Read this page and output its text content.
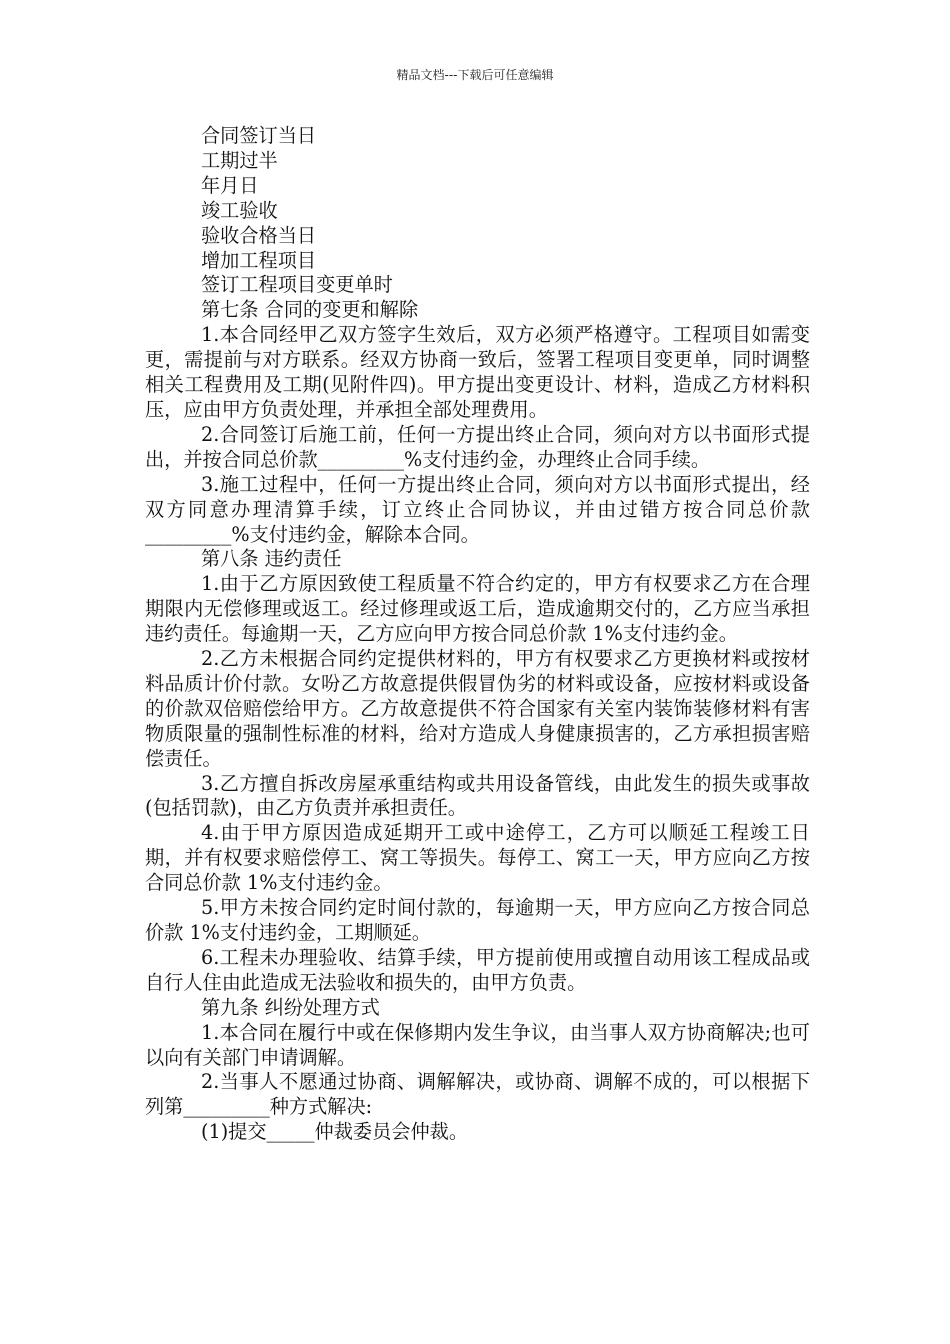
精品文档---下载后可任意编辑
合同签订当日
工期过半
年月日
竣工验收
验收合格当日
增加工程项目
签订工程项目变更单时
第七条 合同的变更和解除

1.本合同经甲乙双方签字生效后，双方必须严格遵守。工程项目如需变更，需提前与对方联系。经双方协商一致后，签署工程项目变更单，同时调整相关工程费用及工期(见附件四)。甲方提出变更设计、材料，造成乙方材料积压，应由甲方负责处理，并承担全部处理费用。

2.合同签订后施工前，任何一方提出终止合同，须向对方以书面形式提出，并按合同总价款_________%支付违约金，办理终止合同手续。

3.施工过程中，任何一方提出终止合同，须向对方以书面形式提出，经双方同意办理清算手续，订立终止合同协议，并由过错方按合同总价款_________%支付违约金，解除本合同。

第八条 违约责任

1.由于乙方原因致使工程质量不符合约定的，甲方有权要求乙方在合理期限内无偿修理或返工。经过修理或返工后，造成逾期交付的，乙方应当承担违约责任。每逾期一天，乙方应向甲方按合同总价款 1%支付违约金。

2.乙方未根据合同约定提供材料的，甲方有权要求乙方更换材料或按材料品质计价付款。女吩乙方故意提供假冒伪劣的材料或设备，应按材料或设备的价款双倍赔偿给甲方。乙方故意提供不符合国家有关室内装饰装修材料有害物质限量的强制性标准的材料，给对方造成人身健康损害的，乙方承担损害赔偿责任。

3.乙方擅自拆改房屋承重结构或共用设备管线，由此发生的损失或事故(包括罚款)，由乙方负责并承担责任。

4.由于甲方原因造成延期开工或中途停工，乙方可以顺延工程竣工日期，并有权要求赔偿停工、窝工等损失。每停工、窝工一天，甲方应向乙方按合同总价款 1%支付违约金。

5.甲方未按合同约定时间付款的，每逾期一天，甲方应向乙方按合同总价款 1%支付违约金，工期顺延。

6.工程未办理验收、结算手续，甲方提前使用或擅自动用该工程成品或自行人住由此造成无法验收和损失的，由甲方负责。

第九条 纠纷处理方式

1.本合同在履行中或在保修期内发生争议，由当事人双方协商解决;也可以向有关部门申请调解。

2.当事人不愿通过协商、调解解决，或协商、调解不成的，可以根据下列第_________种方式解决:

(1)提交_____仲裁委员会仲裁。
